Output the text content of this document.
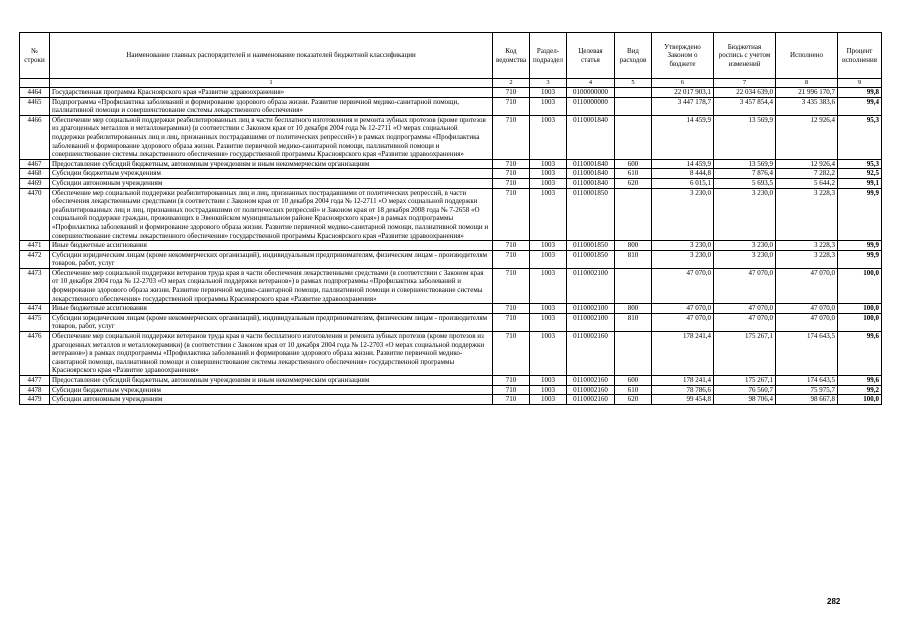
№ строки	Наименование главных распорядителей и наименование показателей бюджетной классификации	Код ведомства	Раздел-подраздел	Целевая статья	Вид расходов	Утверждено Законом о бюджете	Бюджетная роспись с учетом изменений	Исполнено	Процент исполнения
	1	2	3	4	5	6	7	8	9
4464	Государственная программа Красноярского края «Развитие здравоохранения»	710	1003	0100000000		22 017 903,1	22 034 639,0	21 996 170,7	99,8
4465	Подпрограмма «Профилактика заболеваний и формирование здорового образа жизни. Развитие первичной медико-санитарной помощи, паллиативной помощи и совершенствование системы лекарственного обеспечения»	710	1003	0110000000		3 447 178,7	3 457 854,4	3 435 383,6	99,4
4466	Обеспечение мер социальной поддержки реабилитированных лиц в части бесплатного изготовления и ремонта зубных протезов (кроме протезов из драгоценных металлов и металлокерамики) (в соответствии с Законом края от 10 декабря 2004 года № 12-2711 «О мерах социальной поддержки реабилитированных лиц и лиц, признанных пострадавшими от политических репрессий») в рамках подпрограммы «Профилактика заболеваний и формирование здорового образа жизни. Развитие первичной медико-санитарной помощи, паллиативной помощи и совершенствование системы лекарственного обеспечения» государственной программы Красноярского края «Развитие здравоохранения»	710	1003	0110001840		14 459,9	13 569,9	12 926,4	95,3
4467	Предоставление субсидий бюджетным, автономным учреждениям и иным некоммерческим организациям	710	1003	0110001840	600	14 459,9	13 569,9	12 926,4	95,3
4468	Субсидии бюджетным учреждениям	710	1003	0110001840	610	8 444,8	7 876,4	7 282,2	92,5
4469	Субсидии автономным учреждениям	710	1003	0110001840	620	6 015,1	5 693,5	5 644,2	99,1
4470	Обеспечение мер социальной поддержки реабилитированных лиц и лиц, признанных пострадавшими от политических репрессий, в части обеспечения лекарственными средствами (в соответствии с Законом края от 10 декабря 2004 года № 12-2711 «О мерах социальной поддержки реабилитированных лиц и лиц, признанных пострадавшими от политических репрессий» и Законом края от 18 декабря 2008 года № 7-2658 «О социальной поддержке граждан, проживающих в Эвенкийском муниципальном районе Красноярского края») в рамках подпрограммы «Профилактика заболеваний и формирование здорового образа жизни. Развитие первичной медико-санитарной помощи, паллиативной помощи и совершенствование системы лекарственного обеспечения» государственной программы Красноярского края «Развитие здравоохранения»	710	1003	0110001850		3 230,0	3 230,0	3 228,3	99,9
4471	Иные бюджетные ассигнования	710	1003	0110001850	800	3 230,0	3 230,0	3 228,3	99,9
4472	Субсидии юридическим лицам (кроме некоммерческих организаций), индивидуальным предпринимателям, физическим лицам - производителям товаров, работ, услуг	710	1003	0110001850	810	3 230,0	3 230,0	3 228,3	99,9
4473	Обеспечение мер социальной поддержки ветеранов труда края в части обеспечения лекарственными средствами (в соответствии с Законом края от 10 декабря 2004 года № 12-2703 «О мерах социальной поддержки ветеранов») в рамках подпрограммы «Профилактика заболеваний и формирование здорового образа жизни. Развитие первичной медико-санитарной помощи, паллиативной помощи и совершенствование системы лекарственного обеспечения» государственной программы Красноярского края «Развитие здравоохранения»	710	1003	0110002100		47 070,0	47 070,0	47 070,0	100,0
4474	Иные бюджетные ассигнования	710	1003	0110002100	800	47 070,0	47 070,0	47 070,0	100,0
4475	Субсидии юридическим лицам (кроме некоммерческих организаций), индивидуальным предпринимателям, физическим лицам - производителям товаров, работ, услуг	710	1003	0110002100	810	47 070,0	47 070,0	47 070,0	100,0
4476	Обеспечение мер социальной поддержки ветеранов труда края в части бесплатного изготовления и ремонта зубных протезов (кроме протезов из драгоценных металлов и металлокерамики) (в соответствии с Законом края от 10 декабря 2004 года № 12-2703 «О мерах социальной поддержки ветеранов») в рамках подпрограммы «Профилактика заболеваний и формирование здорового образа жизни. Развитие первичной медико-санитарной помощи, паллиативной помощи и совершенствование системы лекарственного обеспечения» государственной программы Красноярского края «Развитие здравоохранения»	710	1003	0110002160		178 241,4	175 267,1	174 643,5	99,6
4477	Предоставление субсидий бюджетным, автономным учреждениям и иным некоммерческим организациям	710	1003	0110002160	600	178 241,4	175 267,1	174 643,5	99,6
4478	Субсидии бюджетным учреждениям	710	1003	0110002160	610	78 786,6	76 560,7	75 975,7	99,2
4479	Субсидии автономным учреждениям	710	1003	0110002160	620	99 454,8	98 706,4	98 667,8	100,0
282
